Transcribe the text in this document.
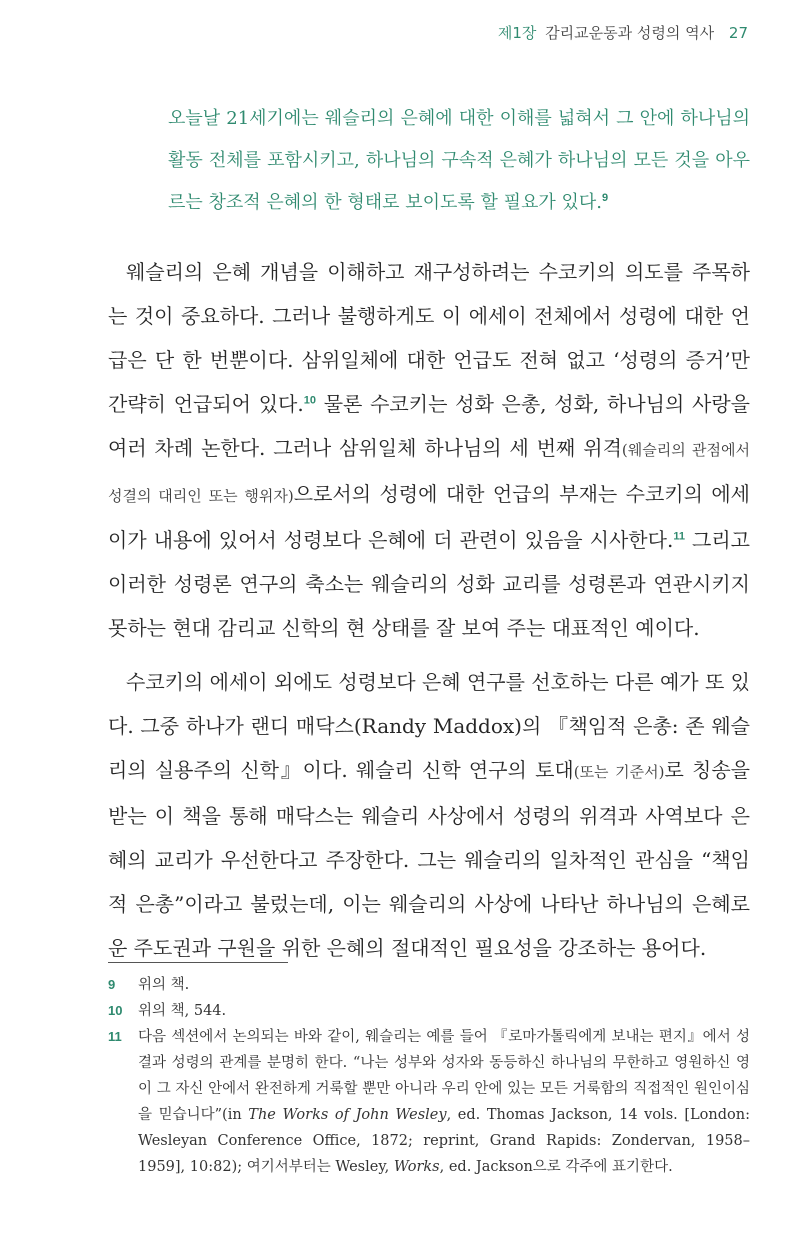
제1장 감리교운동과 성령의 역사 27

오늘날 21세기에는 웨슬리의 은혜에 대한 이해를 넓혀서 그 안에 하나님의 활동 전체를 포함시키고, 하나님의 구속적 은혜가 하나님의 모든 것을 아우르는 창조적 은혜의 한 형태로 보이도록 할 필요가 있다.$^9$

웨슬리의 은혜 개념을 이해하고 재구성하려는 수코키의 의도를 주목하는 것이 중요하다. 그러나 불행하게도 이 에세이 전체에서 성령에 대한 언급은 단 한 번뿐이다. 삼위일체에 대한 언급도 전혀 없고 ‘성령의 증거’만 간략히 언급되어 있다.$^{10}$ 물론 수코키는 성화 은총, 성화, 하나님의 사랑을 여러 차례 논한다. 그러나 삼위일체 하나님의 세 번째 위격(웨슬리의 관점에서 성결의 대리인 또는 행위자)으로서의 성령에 대한 언급의 부재는 수코키의 에세이가 내용에 있어서 성령보다 은혜에 더 관련이 있음을 시사한다.$^{11}$ 그리고 이러한 성령론 연구의 축소는 웨슬리의 성화 교리를 성령론과 연관시키지 못하는 현대 감리교 신학의 현 상태를 잘 보여 주는 대표적인 예이다.

수코키의 에세이 외에도 성령보다 은혜 연구를 선호하는 다른 예가 또 있다. 그중 하나가 랜디 매닥스(Randy Maddox)의 『책임적 은총: 존 웨슬리의 실용주의 신학』이다. 웨슬리 신학 연구의 토대(또는 기준서)로 칭송을 받는 이 책을 통해 매닥스는 웨슬리 사상에서 성령의 위격과 사역보다 은혜의 교리가 우선한다고 주장한다. 그는 웨슬리의 일차적인 관심을 “책임적 은총”이라고 불렀는데, 이는 웨슬리의 사상에 나타난 하나님의 은혜로운 주도권과 구원을 위한 은혜의 절대적인 필요성을 강조하는 용어다.

9	위의 책.
10	위의 책, 544.
11	다음 섹션에서 논의되는 바와 같이, 웨슬리는 예를 들어 『로마가톨릭에게 보내는 편지』에서 성결과 성령의 관계를 분명히 한다. “나는 성부와 성자와 동등하신 하나님의 무한하고 영원하신 영이 그 자신 안에서 완전하게 거룩할 뿐만 아니라 우리 안에 있는 모든 거룩함의 직접적인 원인이심을 믿습니다”(in The Works of John Wesley, ed. Thomas Jackson, 14 vols. [London: Wesleyan Conference Office, 1872; reprint, Grand Rapids: Zondervan, 1958–1959], 10:82); 여기서부터는 Wesley, Works, ed. Jackson으로 각주에 표기한다.
